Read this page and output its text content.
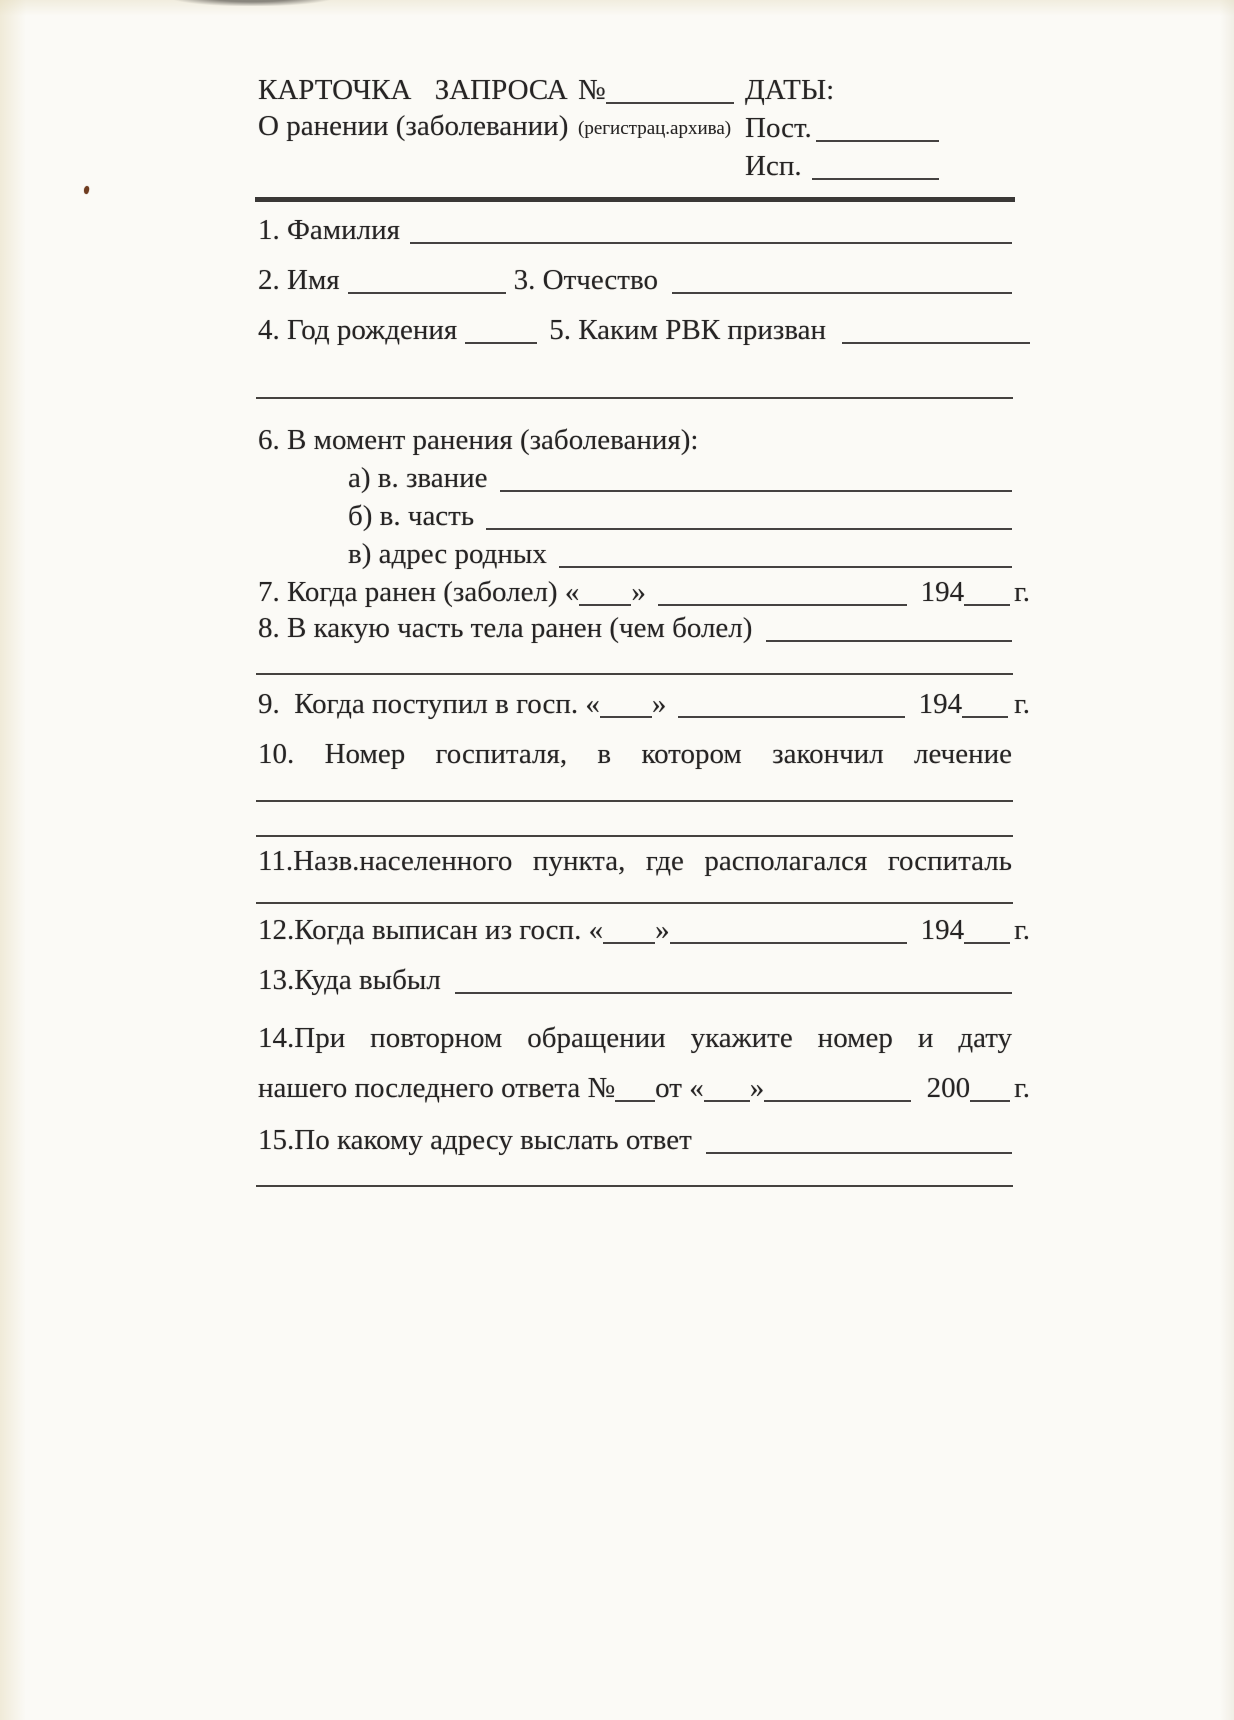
КАРТОЧКА ЗАПРОСА
О ранении (заболевании)
№
(регистрац.архива)
ДАТЫ:
Пост.
Исп.
1. Фамилия
2. Имя	3. Отчество
4. Год рождения	5. Каким РВК призван
6. В момент ранения (заболевания):
а) в. звание
б) в. часть
в) адрес родных
7. Когда ранен (заболел) « »	194 г.
8. В какую часть тела ранен (чем болел)
9.  Когда поступил в госп. « »	194 г.
10. Номер госпиталя, в котором закончил лечение
11.Назв.населенного пункта, где располагался госпиталь
12.Когда выписан из госп. « »	194 г.
13.Куда выбыл
14.При повторном обращении укажите номер и дату
нашего последнего ответа № от « »	200 г.
15.По какому адресу выслать ответ
